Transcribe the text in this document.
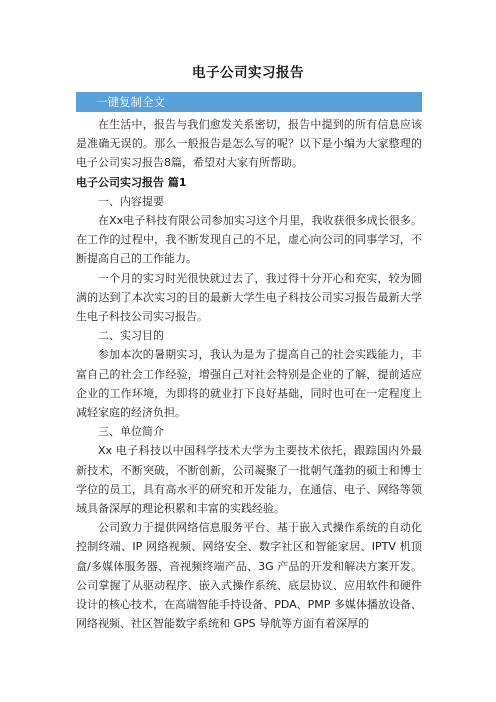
电子公司实习报告
一键复制全文

在生活中，报告与我们愈发关系密切，报告中提到的所有信息应该是准确无误的。那么一般报告是怎么写的呢？以下是小编为大家整理的电子公司实习报告8篇，希望对大家有所帮助。

电子公司实习报告 篇1

一、内容提要

在Xx电子科技有限公司参加实习这个月里，我收获很多成长很多。在工作的过程中，我不断发现自己的不足，虚心向公司的同事学习，不断提高自己的工作能力。

一个月的实习时光很快就过去了，我过得十分开心和充实，较为圆满的达到了本次实习的目的最新大学生电子科技公司实习报告最新大学生电子科技公司实习报告。

二、实习目的

参加本次的暑期实习，我认为是为了提高自己的社会实践能力，丰富自己的社会工作经验，增强自己对社会特别是企业的了解，提前适应企业的工作环境，为即将的就业打下良好基础，同时也可在一定程度上减轻家庭的经济负担。

三、单位简介

Xx 电子科技以中国科学技术大学为主要技术依托，跟踪国内外最新技术，不断突破，不断创新，公司凝聚了一批朝气蓬勃的硕士和博士学位的员工，具有高水平的研究和开发能力，在通信、电子、网络等领域具备深厚的理论积累和丰富的实践经验。

公司致力于提供网络信息服务平台、基于嵌入式操作系统的自动化控制终端、IP 网络视频、网络安全、数字社区和智能家居、IPTV 机顶盒/多媒体服务器、音视频终端产品、3G 产品的开发和解决方案开发。公司掌握了从驱动程序、嵌入式操作系统、底层协议、应用软件和硬件设计的核心技术，在高端智能手持设备、PDA、PMP 多媒体播放设备、网络视频、社区智能数字系统和 GPS 导航等方面有着深厚的
